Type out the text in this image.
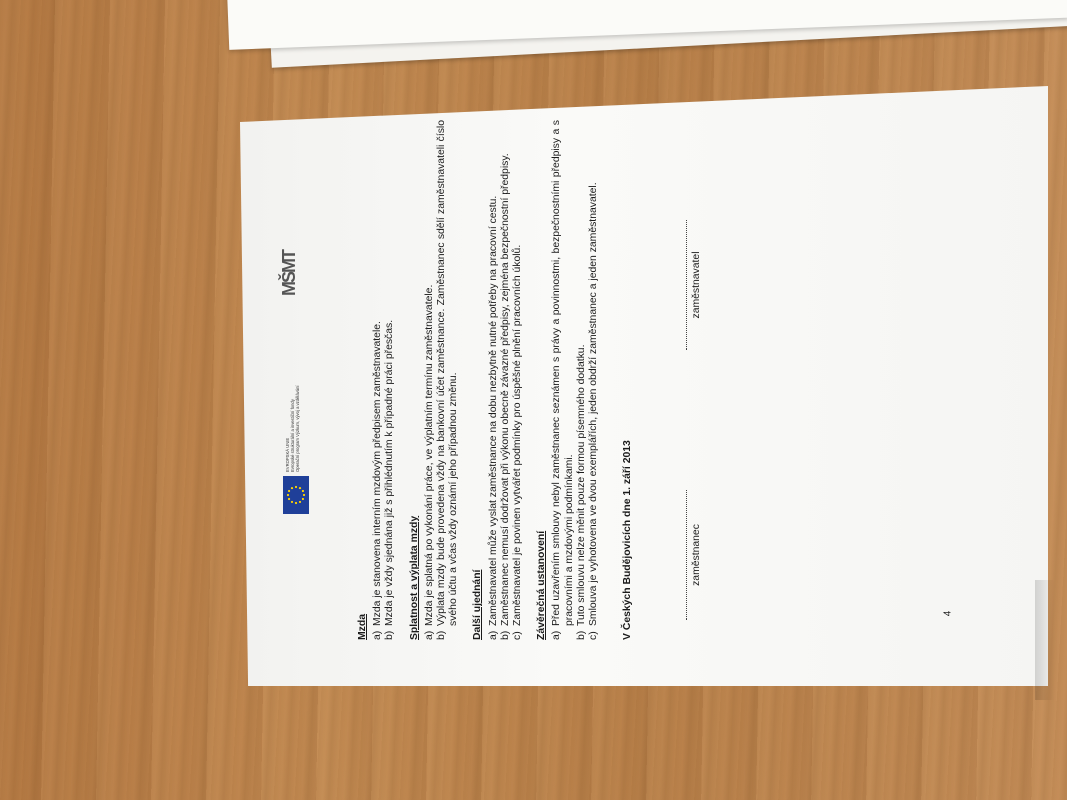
EVROPSKÁ UNIE Evropské strukturální a investiční fondy Operační program Výzkum, vývoj a vzdělávání
MŠMT
Mzda a)
Mzda je stanovena interním mzdovým předpisem zaměstnavatele.
b)
Mzda je vždy sjednána již s přihlédnutím k případné práci přesčas. Splatnost a výplata mzdy a)
Mzda je splatná po vykonání práce, ve výplatním termínu zaměstnavatele.
b)
Výplata mzdy bude provedena vždy na bankovní účet zaměstnance. Zaměstnanec sdělí zaměstnavateli číslo svého účtu a včas vždy oznámí jeho případnou změnu. Další ujednání a)
Zaměstnavatel může vyslat zaměstnance na dobu nezbytně nutné potřeby na pracovní cestu.
b)
Zaměstnanec nemusí dodržovat při výkonu obecně závazné předpisy, zejména bezpečnostní předpisy.
c)
Zaměstnavatel je povinen vytvářet podmínky pro úspěšné plnění pracovních úkolů. Závěrečná ustanovení a)
Před uzavřením smlouvy nebyl zaměstnanec seznámen s právy a povinnostmi, bezpečnostními předpisy a s pracovními a mzdovými podmínkami.
b)
Tuto smlouvu nelze měnit pouze formou písemného dodatku.
c)
Smlouva je vyhotovena ve dvou exemplářích, jeden obdrží zaměstnanec a jeden zaměstnavatel. V Českých Budějovicích dne 1. září 2013	zaměstnanec
zaměstnavatel
4
